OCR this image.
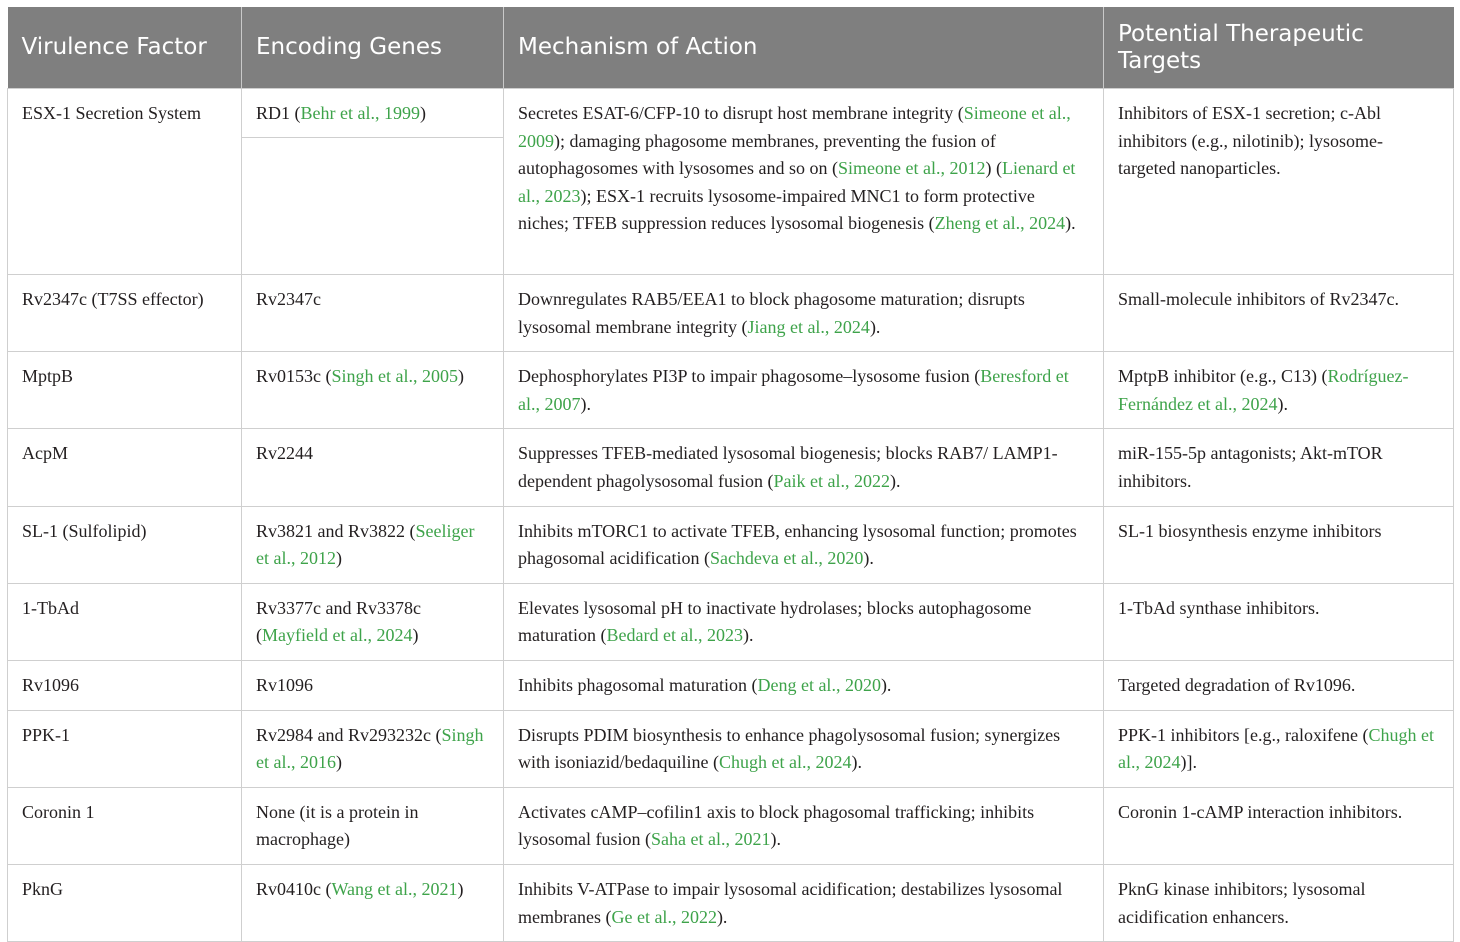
Virulence Factor	Encoding Genes	Mechanism of Action	Potential Therapeutic Targets
ESX-1 Secretion System	RD1 (Behr et al., 1999)	Secretes ESAT-6/CFP-10 to disrupt host membrane integrity (Simeone et al., 2009); damaging phagosome membranes, preventing the fusion of autophagosomes with lysosomes and so on (Simeone et al., 2012) (Lienard et al., 2023); ESX-1 recruits lysosome-impaired MNC1 to form protective niches; TFEB suppression reduces lysosomal biogenesis (Zheng et al., 2024).	Inhibitors of ESX-1 secretion; c-Abl inhibitors (e.g., nilotinib); lysosome-targeted nanoparticles.
Rv2347c (T7SS effector)	Rv2347c	Downregulates RAB5/EEA1 to block phagosome maturation; disrupts lysosomal membrane integrity (Jiang et al., 2024).	Small-molecule inhibitors of Rv2347c.
MptpB	Rv0153c (Singh et al., 2005)	Dephosphorylates PI3P to impair phagosome–lysosome fusion (Beresford et al., 2007).	MptpB inhibitor (e.g., C13) (Rodríguez-Fernández et al., 2024).
AcpM	Rv2244	Suppresses TFEB-mediated lysosomal biogenesis; blocks RAB7/ LAMP1-dependent phagolysosomal fusion (Paik et al., 2022).	miR-155-5p antagonists; Akt-mTOR inhibitors.
SL-1 (Sulfolipid)	Rv3821 and Rv3822 (Seeliger et al., 2012)	Inhibits mTORC1 to activate TFEB, enhancing lysosomal function; promotes phagosomal acidification (Sachdeva et al., 2020).	SL-1 biosynthesis enzyme inhibitors
1-TbAd	Rv3377c and Rv3378c (Mayfield et al., 2024)	Elevates lysosomal pH to inactivate hydrolases; blocks autophagosome maturation (Bedard et al., 2023).	1-TbAd synthase inhibitors.
Rv1096	Rv1096	Inhibits phagosomal maturation (Deng et al., 2020).	Targeted degradation of Rv1096.
PPK-1	Rv2984 and Rv293232c (Singh et al., 2016)	Disrupts PDIM biosynthesis to enhance phagolysosomal fusion; synergizes with isoniazid/bedaquiline (Chugh et al., 2024).	PPK-1 inhibitors [e.g., raloxifene (Chugh et al., 2024)].
Coronin 1	None (it is a protein in macrophage)	Activates cAMP–cofilin1 axis to block phagosomal trafficking; inhibits lysosomal fusion (Saha et al., 2021).	Coronin 1-cAMP interaction inhibitors.
PknG	Rv0410c (Wang et al., 2021)	Inhibits V-ATPase to impair lysosomal acidification; destabilizes lysosomal membranes (Ge et al., 2022).	PknG kinase inhibitors; lysosomal acidification enhancers.
